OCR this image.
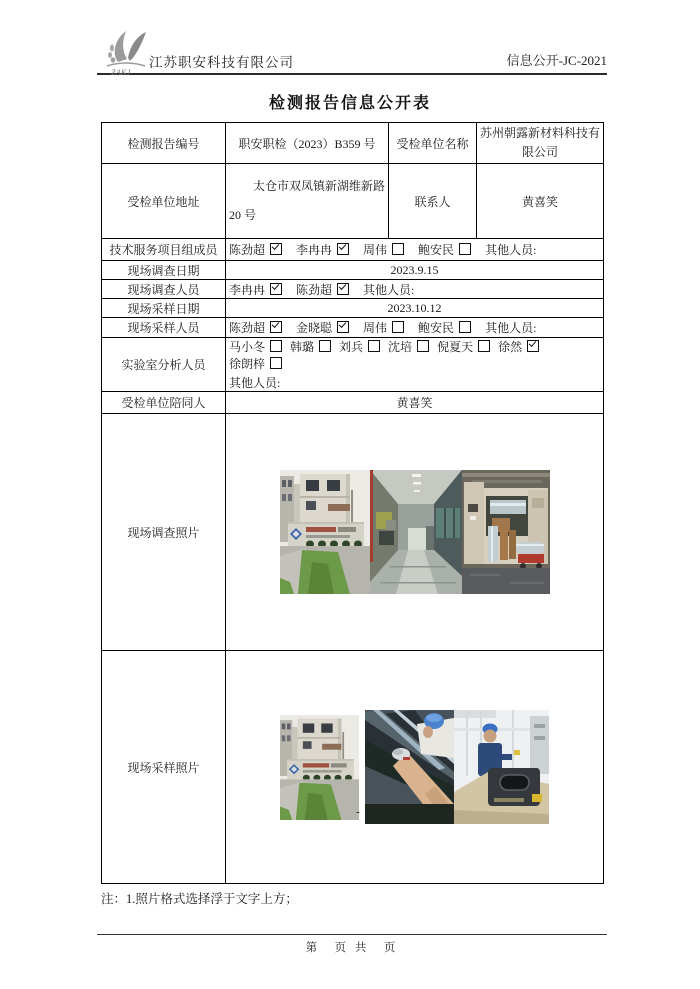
ZAKJ
江苏职安科技有限公司	信息公开-JC-2021
检测报告信息公开表
检测报告编号	职安职检（2023）B359 号	受检单位名称	苏州朝露新材料科技有限公司
受检单位地址	太仓市双凤镇新湖维新路 20 号	联系人	黄喜笑
技术服务项目组成员	陈劲超 李冉冉 周伟 鲍安民 其他人员:		
现场调查日期	2023.9.15		
现场调查人员	李冉冉 陈劲超 其他人员:		
现场采样日期	2023.10.12		
现场采样人员	陈劲超 金晓聪 周伟 鲍安民 其他人员:		
实验室分析人员	马小冬 韩璐 刘兵 沈培 倪夏天 徐然徐朗梓
其他人员:		

受检单位陪同人	黄喜笑		
现场调查照片	

现场采样照片	-		
注：1.照片格式选择浮于文字上方；
第　页 共　页
